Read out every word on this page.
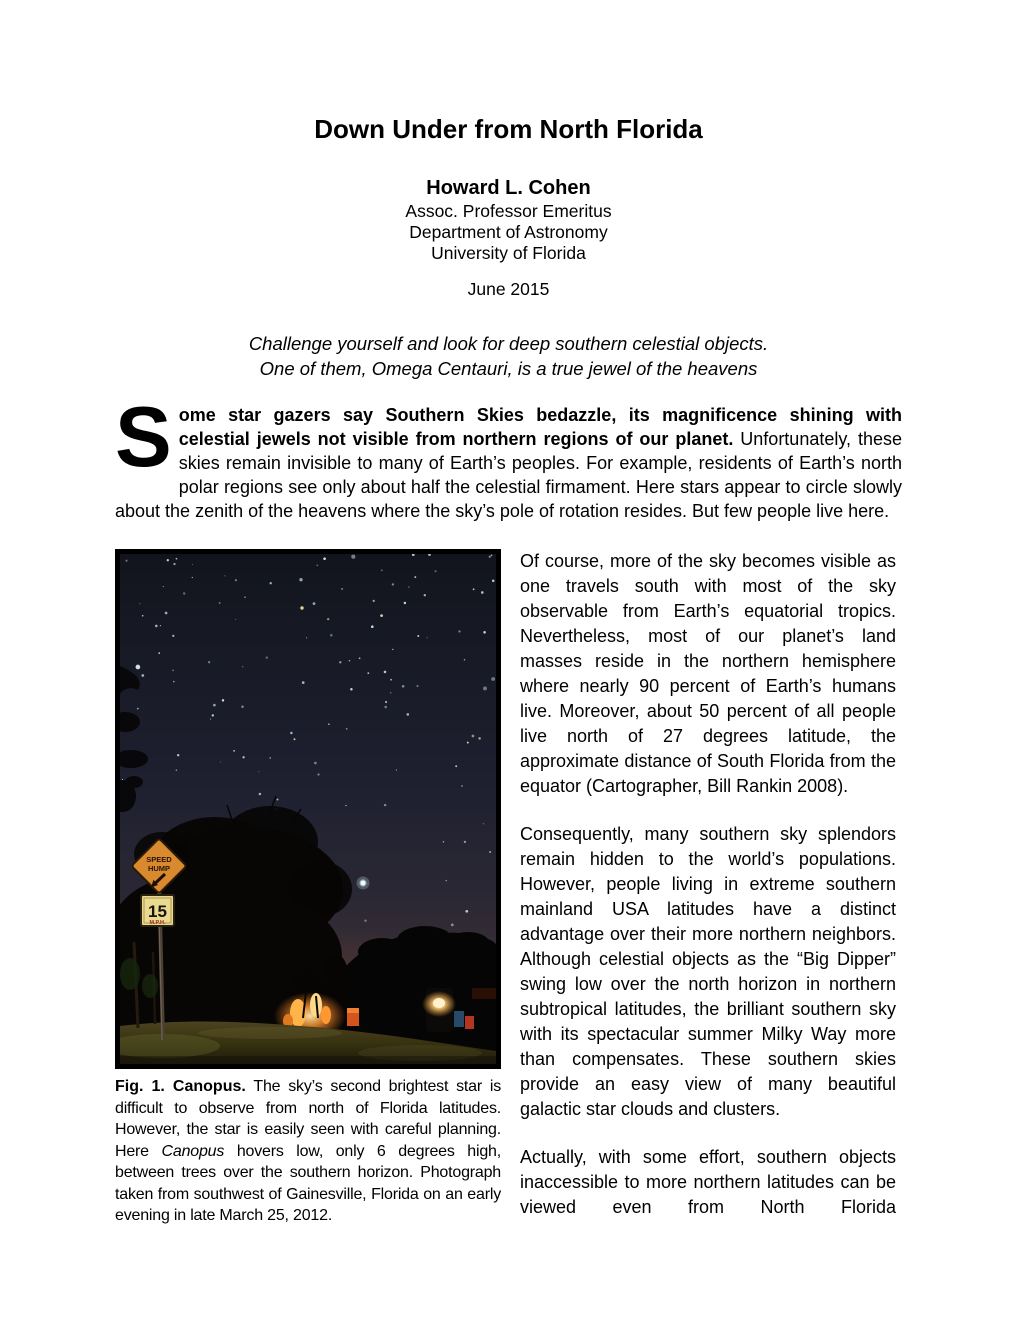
Down Under from North Florida
Howard L. Cohen
Assoc. Professor Emeritus
Department of Astronomy
University of Florida
June 2015
Challenge yourself and look for deep southern celestial objects.
One of them, Omega Centauri, is a true jewel of the heavens

Some star gazers say Southern Skies bedazzle, its magnificence shining with celestial jewels not visible from northern regions of our planet. Unfortunately, these skies remain invisible to many of Earth’s peoples. For example, residents of Earth’s north polar regions see only about half the celestial firmament. Here stars appear to circle slowly about the zenith of the heavens where the sky’s pole of rotation resides. But few people live here.

SPEED
HUMP
15
M.P.H.

Fig. 1. Canopus. The sky’s second brightest star is difficult to observe from north of Florida latitudes. However, the star is easily seen with careful planning. Here Canopus hovers low, only 6 degrees high, between trees over the southern horizon. Photograph taken from southwest of Gainesville, Florida on an early evening in late March 25, 2012.

Of course, more of the sky becomes visible as one travels south with most of the sky observable from Earth’s equatorial tropics. Nevertheless, most of our planet’s land masses reside in the northern hemisphere where nearly 90 percent of Earth’s humans live. Moreover, about 50 percent of all people live north of 27 degrees latitude, the approximate distance of South Florida from the equator (Cartographer, Bill Rankin 2008).

Consequently, many southern sky splendors remain hidden to the world’s populations. However, people living in extreme southern mainland USA latitudes have a distinct advantage over their more northern neighbors. Although celestial objects as the “Big Dipper” swing low over the north horizon in northern subtropical latitudes, the brilliant southern sky with its spectacular summer Milky Way more than compensates. These southern skies provide an easy view of many beautiful galactic star clouds and clusters.

Actually, with some effort, southern objects inaccessible to more northern latitudes can be viewed even from North Florida
